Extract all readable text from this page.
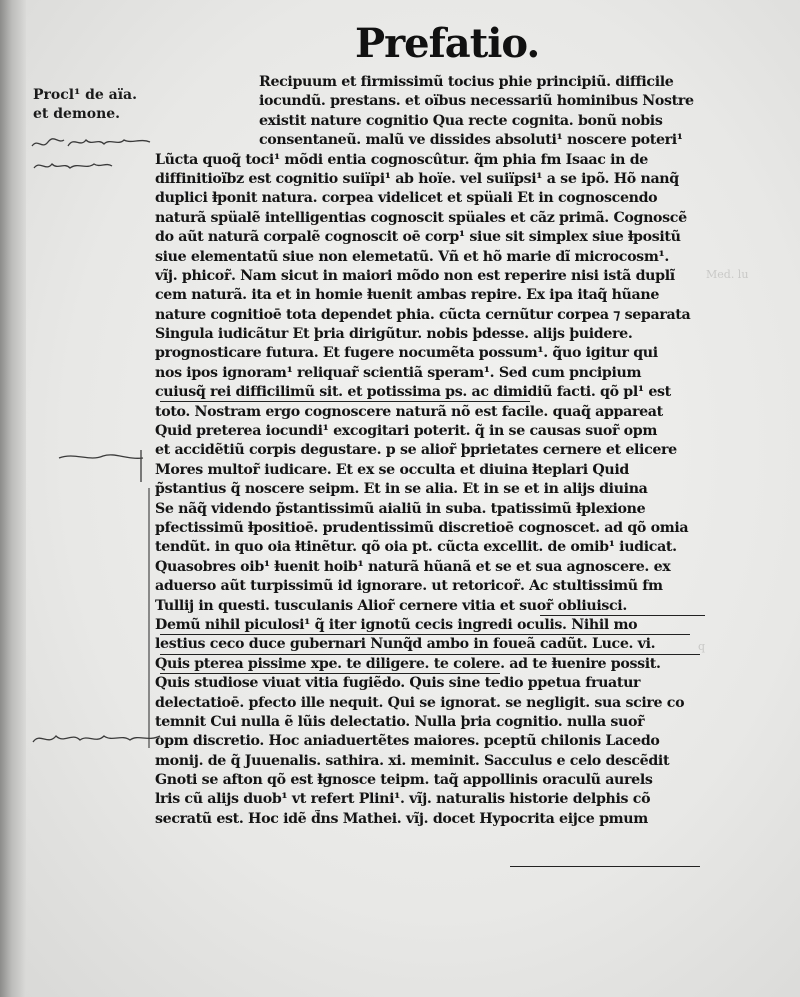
Prefatio.
Procl¹ de aïa.
et demone.
Med. lu
q
Recipuum et firmissimũ tocius phie principiũ. difficile
iocundũ. prestans. et oïbus necessariũ hominibus Nostre
existit nature cognitio Qua recte cognita. bonũ nobis
consentaneũ. malũ ve dissides absoluti¹ noscere poteri¹
Lũcta quoq̃ toci¹ mõdi entia cognoscûtur. q̃m phia fm Isaac in de
diffinitioïbz est cognitio suiïpi¹ ab hoïe. vel suiïpsi¹ a se ipõ. Hõ nanq̃
duplici ⱡponit natura. corpea videlicet et spüali Et in cognoscendo
naturã spüalẽ intelligentias cognoscit spüales et cãz primã. Cognoscẽ
do aũt naturã corpalẽ cognoscit oē corp¹ siue sit simplex siue ⱡpositũ
siue elementatũ siue non elemetatũ. Vñ et hõ marie dĩ microcosm¹.
vĩj. phicor̃. Nam sicut in maiori mõdo non est reperire nisi istã duplĩ
cem naturã. ita et in homie ⱡuenit ambas repire. Ex ipa itaq̃ hũane
nature cognitioē tota dependet phia. cũcta cernũtur corpea ⁊ separata
Singula iudicãtur Et þria dirigũtur. nobis þdesse. alijs þuidere.
prognosticare futura. Et fugere nocumẽta possum¹. q̃uo igitur qui
nos ipos ignoram¹ reliquar̃ scientiã speram¹. Sed cum pncipium
cuiusq̃ rei difficilimũ sit. et potissima ps. ac dimidiũ facti. qõ pl¹ est
toto. Nostram ergo cognoscere naturã nõ est facile. quaq̃ appareat
Quid preterea iocundi¹ excogitari poterit. q̃ in se causas suor̃ opm
et accidẽtiũ corpis degustare. p se alior̃ þprietates cernere et elicere
Mores multor̃ iudicare. Et ex se occulta et diuina ⱡteplari Quid
p̃stantius q̃ noscere seipm. Et in se alia. Et in se et in alijs diuina
Se nãq̃ videndo p̃stantissimũ aialiũ in suba. tpatissimũ ⱡplexione
pfectissimũ ⱡpositioē. prudentissimũ discretioē cognoscet. ad qõ omia
tendũt. in quo oia ⱡtinẽtur. qõ oia pt. cũcta excellit. de omib¹ iudicat.
Quasobres oib¹ ⱡuenit hoib¹ naturã hũanã et se et sua agnoscere. ex
aduerso aũt turpissimũ id ignorare. ut retoricor̃. Ac stultissimũ fm
Tullij in questi. tusculanis Alior̃ cernere vitia et suor̃ obliuisci.
Demũ nihil piculosi¹ q̃ iter ignotũ cecis ingredi oculis. Nihil mo
lestius ceco duce gubernari Nunq̃d ambo in foueã cadũt. Luce. vi.
Quis pterea pissime xpe. te diligere. te colere. ad te ⱡuenire possit.
Quis studiose viuat vitia fugiẽdo. Quis sine tedio ppetua fruatur
delectatioē. pfecto ille nequit. Qui se ignorat. se negligit. sua scire co
temnit Cui nulla ẽ lũis delectatio. Nulla þria cognitio. nulla suor̃
opm discretio. Hoc aniaduertẽtes maiores. pceptũ chilonis Lacedo
monij. de q̃ Juuenalis. sathira. xi. meminit. Sacculus e celo descẽdit
Gnoti se afton qõ est ⱡgnosce teipm. taq̃ appollinis oraculũ aurels
lris cũ alijs duob¹ vt refert Plini¹. vĩj. naturalis historie delphis cõ
secratũ est. Hoc idẽ d̃ns Mathei. vĩj. docet Hypocrita eijce pmum
